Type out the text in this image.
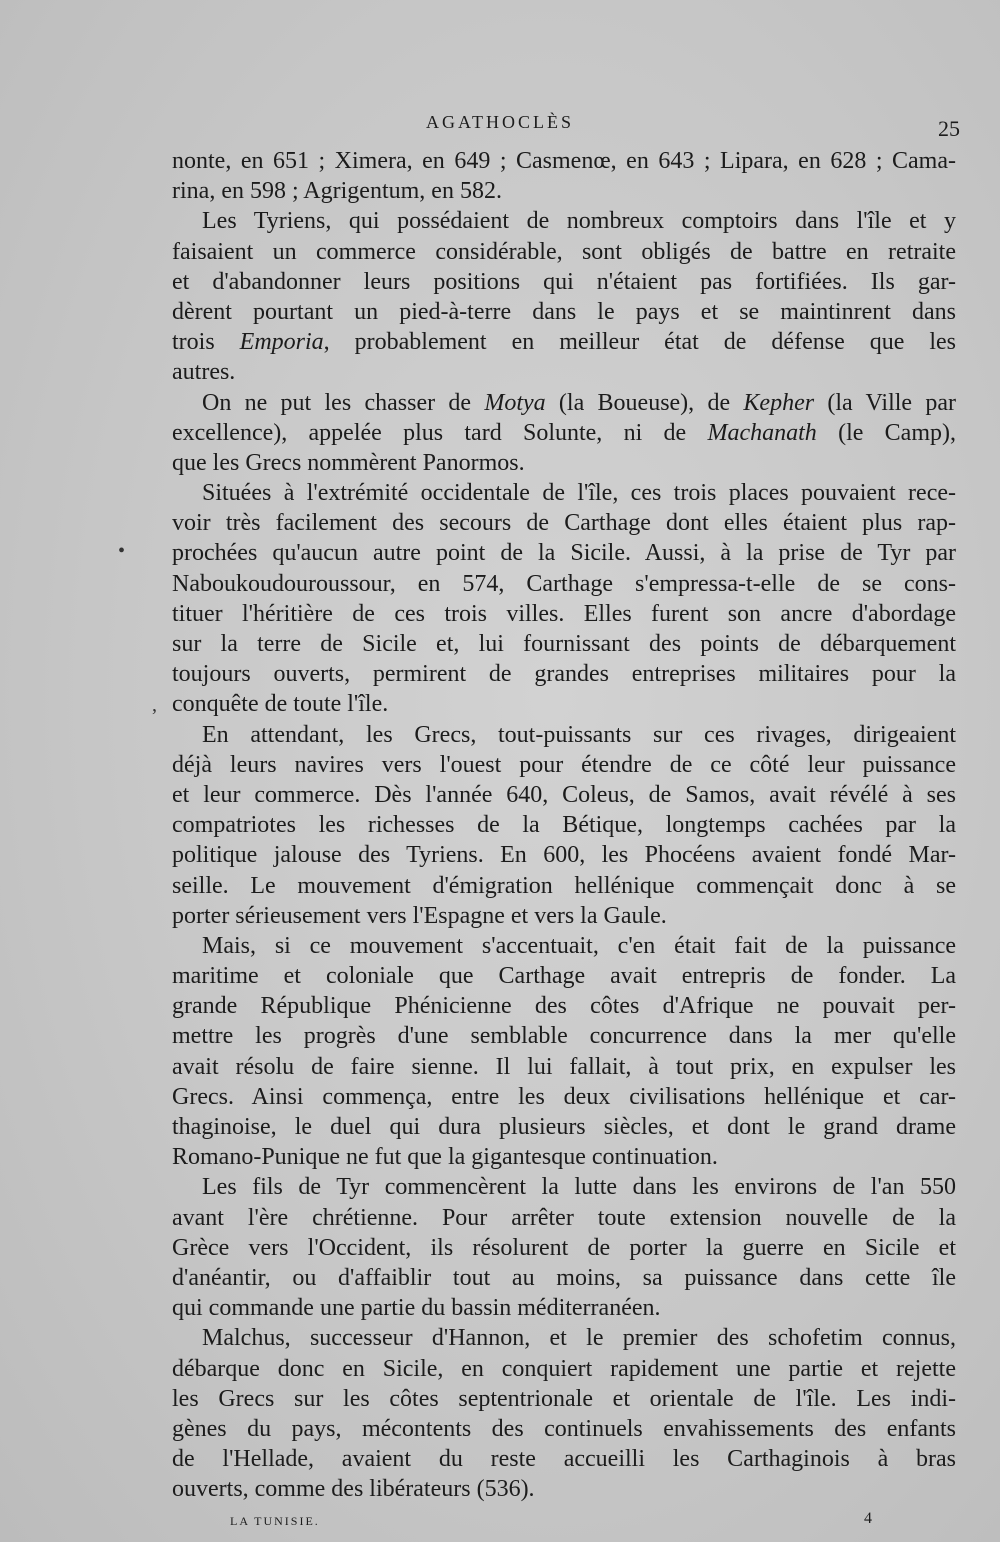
AGATHOCLÈS	25
nonte, en 651 ; Ximera, en 649 ; Casmenœ, en 643 ; Lipara, en 628 ; Cama-
rina, en 598 ; Agrigentum, en 582.
Les Tyriens, qui possédaient de nombreux comptoirs dans l'île et y
faisaient un commerce considérable, sont obligés de battre en retraite
et d'abandonner leurs positions qui n'étaient pas fortifiées. Ils gar-
dèrent pourtant un pied-à-terre dans le pays et se maintinrent dans
trois Emporia, probablement en meilleur état de défense que les
autres.
On ne put les chasser de Motya (la Boueuse), de Kepher (la Ville par
excellence), appelée plus tard Solunte, ni de Machanath (le Camp),
que les Grecs nommèrent Panormos.
Situées à l'extrémité occidentale de l'île, ces trois places pouvaient rece-
voir très facilement des secours de Carthage dont elles étaient plus rap-
prochées qu'aucun autre point de la Sicile. Aussi, à la prise de Tyr par
Naboukoudouroussour, en 574, Carthage s'empressa-t-elle de se cons-
tituer l'héritière de ces trois villes. Elles furent son ancre d'abordage
sur la terre de Sicile et, lui fournissant des points de débarquement
toujours ouverts, permirent de grandes entreprises militaires pour la
conquête de toute l'île.
En attendant, les Grecs, tout-puissants sur ces rivages, dirigeaient
déjà leurs navires vers l'ouest pour étendre de ce côté leur puissance
et leur commerce. Dès l'année 640, Coleus, de Samos, avait révélé à ses
compatriotes les richesses de la Bétique, longtemps cachées par la
politique jalouse des Tyriens. En 600, les Phocéens avaient fondé Mar-
seille. Le mouvement d'émigration hellénique commençait donc à se
porter sérieusement vers l'Espagne et vers la Gaule.
Mais, si ce mouvement s'accentuait, c'en était fait de la puissance
maritime et coloniale que Carthage avait entrepris de fonder. La
grande République Phénicienne des côtes d'Afrique ne pouvait per-
mettre les progrès d'une semblable concurrence dans la mer qu'elle
avait résolu de faire sienne. Il lui fallait, à tout prix, en expulser les
Grecs. Ainsi commença, entre les deux civilisations hellénique et car-
thaginoise, le duel qui dura plusieurs siècles, et dont le grand drame
Romano-Punique ne fut que la gigantesque continuation.
Les fils de Tyr commencèrent la lutte dans les environs de l'an 550
avant l'ère chrétienne. Pour arrêter toute extension nouvelle de la
Grèce vers l'Occident, ils résolurent de porter la guerre en Sicile et
d'anéantir, ou d'affaiblir tout au moins, sa puissance dans cette île
qui commande une partie du bassin méditerranéen.
Malchus, successeur d'Hannon, et le premier des schofetim connus,
débarque donc en Sicile, en conquiert rapidement une partie et rejette
les Grecs sur les côtes septentrionale et orientale de l'île. Les indi-
gènes du pays, mécontents des continuels envahissements des enfants
de l'Hellade, avaient du reste accueilli les Carthaginois à bras
ouverts, comme des libérateurs (536).
•
,
LA TUNISIE.	4
